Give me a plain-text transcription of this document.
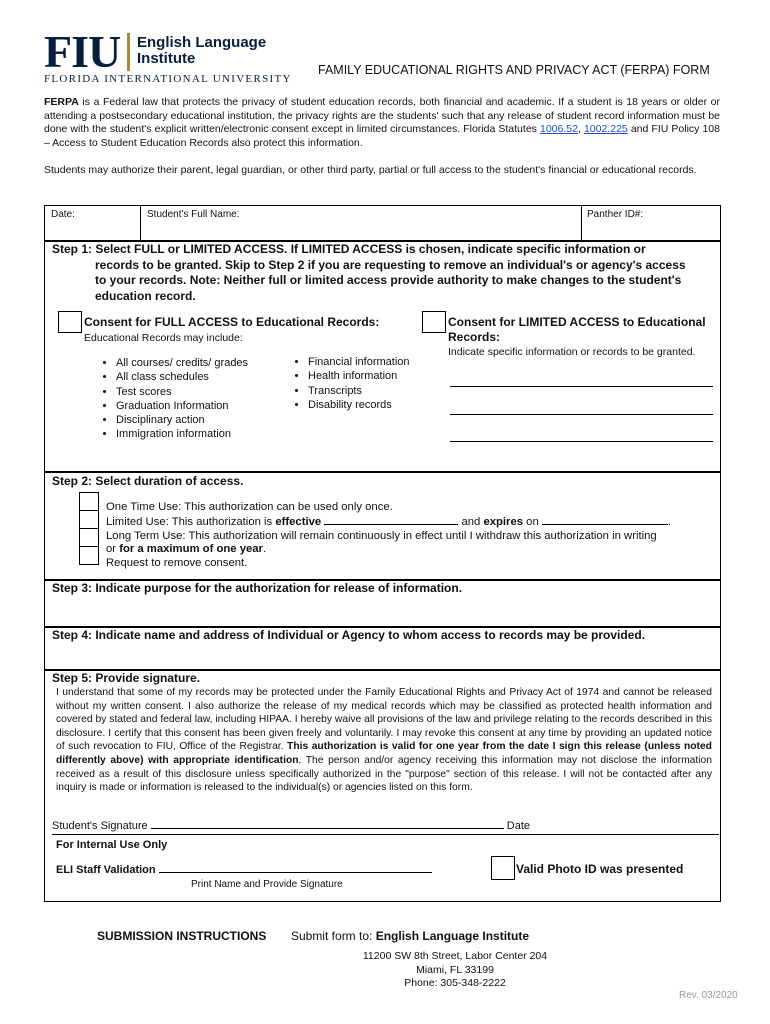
FIU English Language
Institute
FLORIDA INTERNATIONAL UNIVERSITY
FAMILY EDUCATIONAL RIGHTS AND PRIVACY ACT (FERPA) FORM

FERPA is a Federal law that protects the privacy of student education records, both financial and academic. If a student is 18 years or older or attending a postsecondary educational institution, the privacy rights are the students' such that any release of student record information must be done with the student's explicit written/electronic consent except in limited circumstances. Florida Statutes 1006.52, 1002.225 and FIU Policy 108 – Access to Student Education Records also protect this information.

Students may authorize their parent, legal guardian, or other third party, partial or full access to the student's financial or educational records.

Date:	Student's Full Name:	Panther ID#:
Step 1: Select FULL or LIMITED ACCESS. If LIMITED ACCESS is chosen, indicate specific information or
records to be granted. Skip to Step 2 if you are requesting to remove an individual's or agency's access
to your records. Note: Neither full or limited access provide authority to make changes to the student's
education record.
Consent for FULL ACCESS to Educational Records:
Educational Records may include:
Consent for LIMITED ACCESS to Educational
Records:
Indicate specific information or records to be granted.
• All courses/ credits/ grades
• All class schedules
• Test scores
• Graduation Information
• Disciplinary action
• Immigration information
• Financial information
• Health information
• Transcripts
• Disability records
Step 2: Select duration of access.
One Time Use: This authorization can be used only once.
Limited Use: This authorization is effective	and expires on	.
Long Term Use: This authorization will remain continuously in effect until I withdraw this authorization in writing
or for a maximum of one year.
Request to remove consent.
Step 3: Indicate purpose for the authorization for release of information.
Step 4: Indicate name and address of Individual or Agency to whom access to records may be provided.
Step 5: Provide signature.
I understand that some of my records may be protected under the Family Educational Rights and Privacy Act of 1974 and cannot be released without my written consent. I also authorize the release of my medical records which may be classified as protected health information and covered by stated and federal law, including HIPAA. I hereby waive all provisions of the law and privilege relating to the records described in this disclosure. I certify that this consent has been given freely and voluntarily. I may revoke this consent at any time by providing an updated notice of such revocation to FIU, Office of the Registrar. This authorization is valid for one year from the date I sign this release (unless noted differently above) with appropriate identification. The person and/or agency receiving this information may not disclose the information received as a result of this disclosure unless specifically authorized in the "purpose" section of this release. I will not be contacted after any inquiry is made or information is released to the individual(s) or agencies listed on this form.
Student's Signature	Date
For Internal Use Only
ELI Staff Validation
Print Name and Provide Signature
Valid Photo ID was presented
SUBMISSION INSTRUCTIONS Submit form to: English Language Institute
11200 SW 8th Street, Labor Center 204
Miami, FL 33199
Phone: 305-348-2222
Rev. 03/2020
